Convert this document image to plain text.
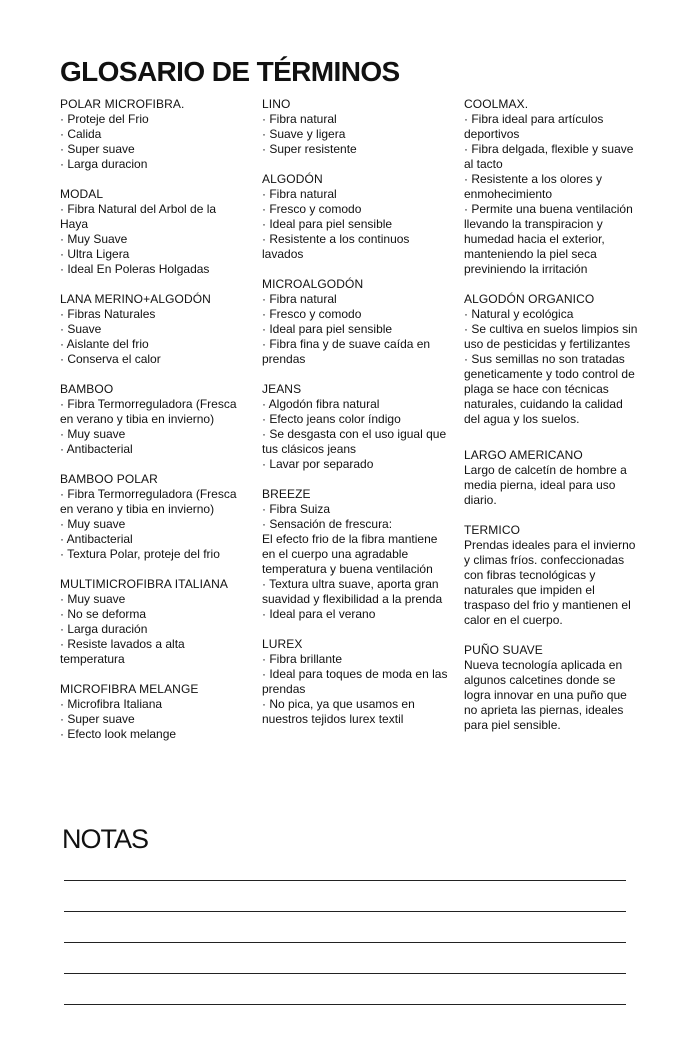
GLOSARIO DE TÉRMINOS
POLAR MICROFIBRA.
· Proteje del Frio
· Calida
· Super suave
· Larga duracion
MODAL
· Fibra Natural del Arbol de la Haya
· Muy Suave
· Ultra Ligera
· Ideal En Poleras Holgadas
LANA MERINO+ALGODÓN
· Fibras Naturales
· Suave
· Aislante del frio
· Conserva el calor
BAMBOO
· Fibra Termorreguladora (Fresca en verano y tibia en invierno)
· Muy suave
· Antibacterial
BAMBOO POLAR
· Fibra Termorreguladora (Fresca en verano y tibia en invierno)
· Muy suave
· Antibacterial
· Textura Polar, proteje del frio
MULTIMICROFIBRA ITALIANA
· Muy suave
· No se deforma
· Larga duración
· Resiste lavados a alta temperatura
MICROFIBRA MELANGE
· Microfibra Italiana
· Super suave
· Efecto look melange
LINO
· Fibra natural
· Suave y ligera
· Super resistente
ALGODÓN
· Fibra natural
· Fresco y comodo
· Ideal para piel sensible
· Resistente a los continuos lavados
MICROALGODÓN
· Fibra natural
· Fresco y comodo
· Ideal para piel sensible
· Fibra fina y de suave caída en prendas
JEANS
· Algodón fibra natural
· Efecto jeans color índigo
· Se desgasta con el uso igual que tus clásicos jeans
· Lavar por separado
BREEZE
· Fibra Suiza
· Sensación de frescura:
El efecto frio de la fibra mantiene en el cuerpo una agradable temperatura y buena ventilación
· Textura ultra suave, aporta gran suavidad y flexibilidad a la prenda
· Ideal para el verano
LUREX
· Fibra brillante
· Ideal para toques de moda en las prendas
· No pica, ya que usamos en nuestros tejidos lurex textil
COOLMAX.
· Fibra ideal para artículos deportivos
· Fibra delgada, flexible y suave al tacto
· Resistente a los olores y enmohecimiento
· Permite una buena ventilación llevando la transpiracion y humedad hacia el exterior, manteniendo la piel seca previniendo la irritación
ALGODÓN ORGANICO
· Natural y ecológica
· Se cultiva en suelos limpios sin uso de pesticidas y fertilizantes
· Sus semillas no son tratadas geneticamente y todo control de plaga se hace con técnicas naturales, cuidando la calidad del agua y los suelos.
LARGO AMERICANO
Largo de calcetín de hombre a media pierna, ideal para uso diario.
TERMICO
Prendas ideales para el invierno y climas fríos. confeccionadas con fibras tecnológicas y naturales que impiden el traspaso del frio y mantienen el calor en el cuerpo.
PUÑO SUAVE
Nueva tecnología aplicada en algunos calcetines donde se logra innovar en una puño que no aprieta las piernas, ideales para piel sensible.
NOTAS
